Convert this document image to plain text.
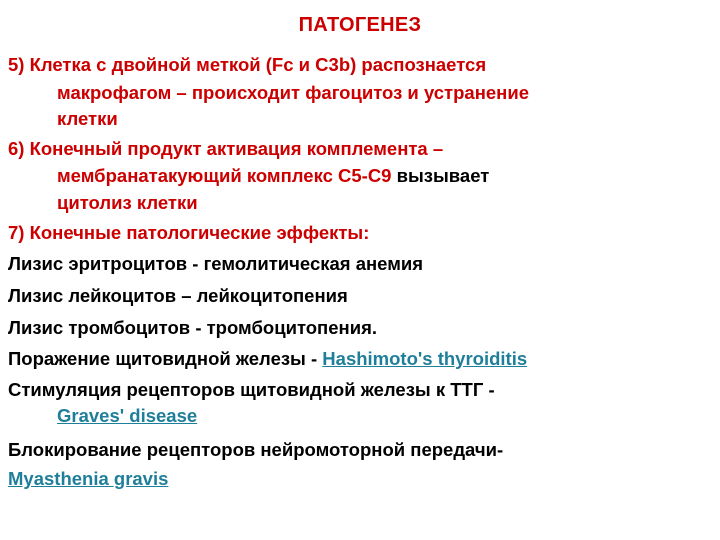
ПАТОГЕНЕЗ
5) Клетка с двойной меткой (Fc и C3b) распознается
макрофагом – происходит фагоцитоз и устранение
клетки
6) Конечный продукт активация комплемента –
мембранатакующий комплекс С5-С9 вызывает
цитолиз клетки
7) Конечные патологические эффекты:
Лизис эритроцитов - гемолитическая анемия
Лизис лейкоцитов – лейкоцитопения
Лизис тромбоцитов - тромбоцитопения.
Поражение щитовидной железы - Hashimoto's thyroiditis
Стимуляция рецепторов щитовидной железы к ТТГ -
Graves' disease
Блокирование рецепторов нейромоторной передачи-
Myasthenia gravis
